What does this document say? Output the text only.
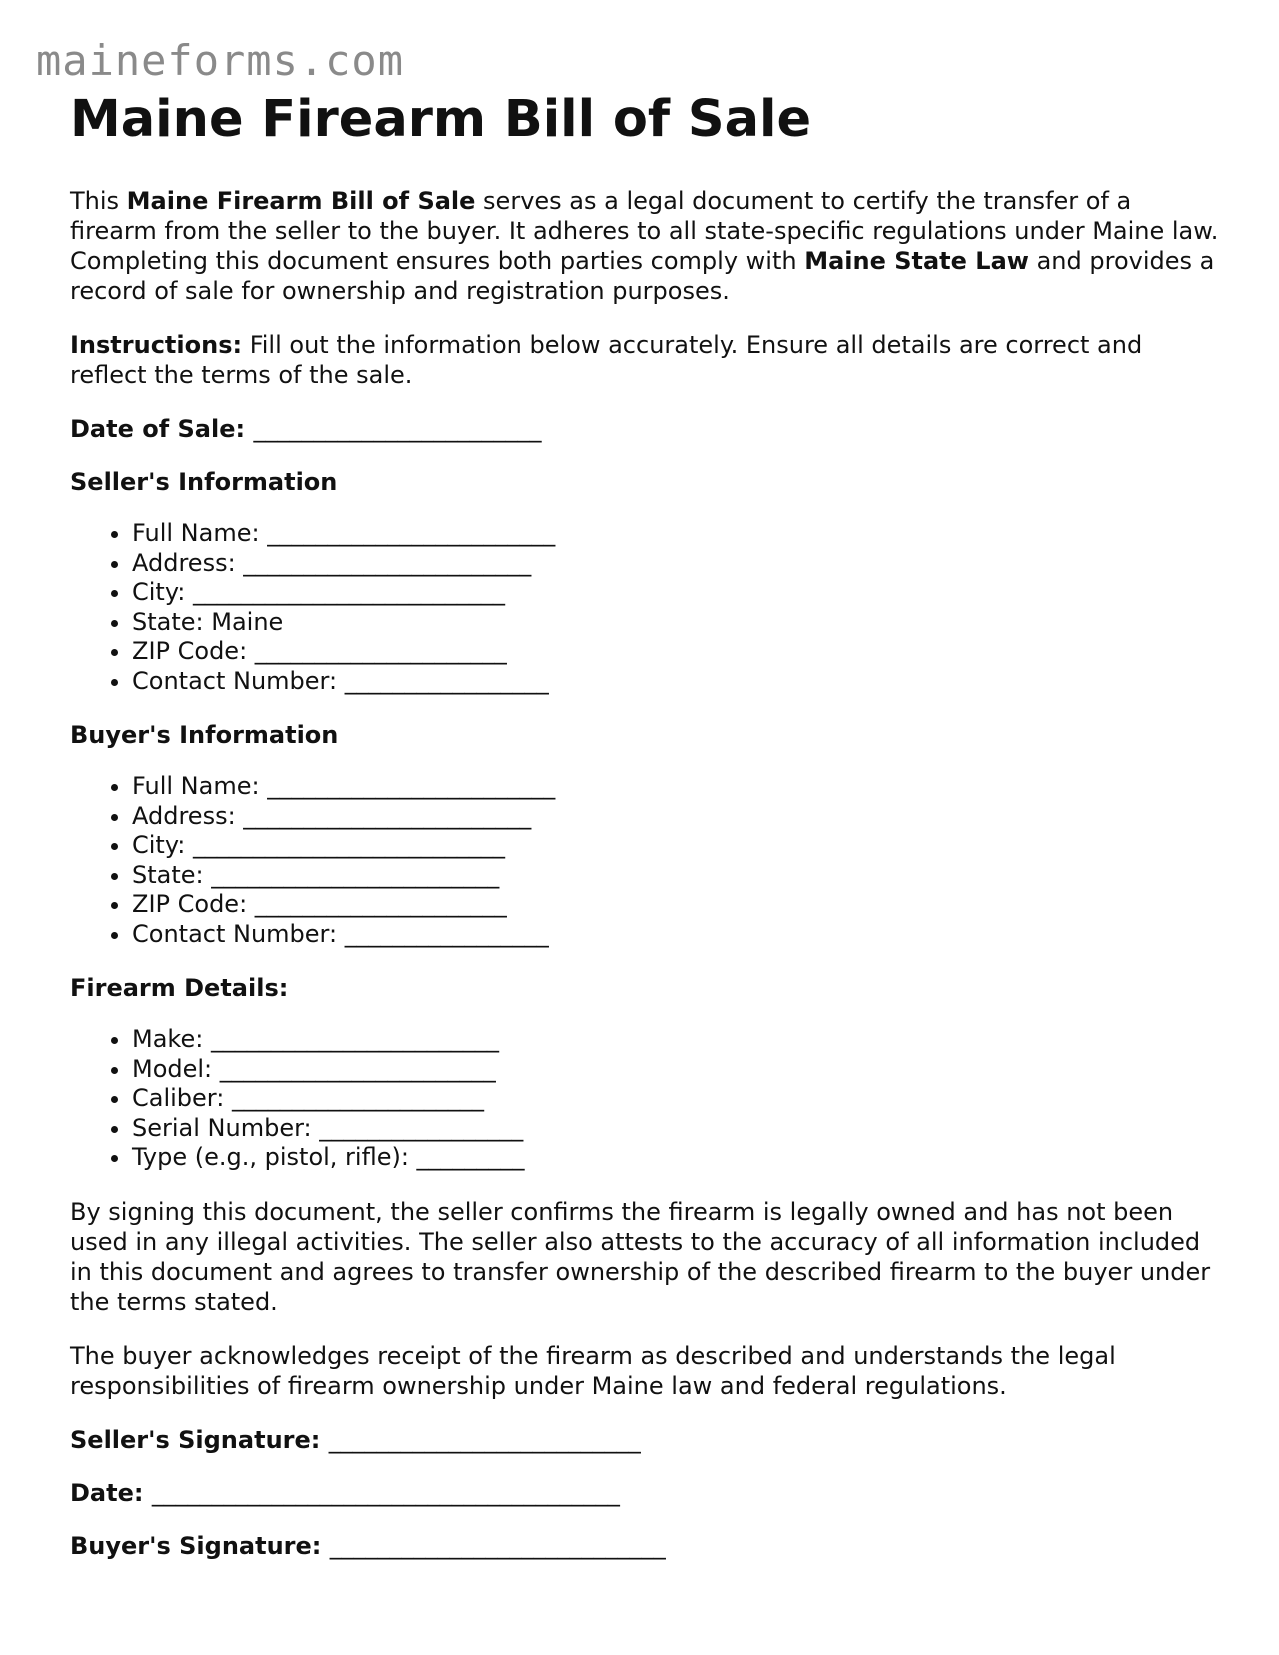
maineforms.com
Maine Firearm Bill of Sale

This Maine Firearm Bill of Sale serves as a legal document to certify the transfer of a firearm from the seller to the buyer. It adheres to all state-specific regulations under Maine law. Completing this document ensures both parties comply with Maine State Law and provides a record of sale for ownership and registration purposes.

Instructions: Fill out the information below accurately. Ensure all details are correct and reflect the terms of the sale.

Date of Sale: ________________________
Seller's Information
• Full Name: ________________________
• Address: ________________________
• City: __________________________
• State: Maine
• ZIP Code: _____________________
• Contact Number: _________________
Buyer's Information
• Full Name: ________________________
• Address: ________________________
• City: __________________________
• State: ________________________
• ZIP Code: _____________________
• Contact Number: _________________
Firearm Details:
• Make: ________________________
• Model: _______________________
• Caliber: _____________________
• Serial Number: _________________
• Type (e.g., pistol, rifle): _________

By signing this document, the seller confirms the firearm is legally owned and has not been used in any illegal activities. The seller also attests to the accuracy of all information included in this document and agrees to transfer ownership of the described firearm to the buyer under the terms stated.

The buyer acknowledges receipt of the firearm as described and understands the legal responsibilities of firearm ownership under Maine law and federal regulations.

Seller's Signature: __________________________
Date: _______________________________________
Buyer's Signature: ____________________________
